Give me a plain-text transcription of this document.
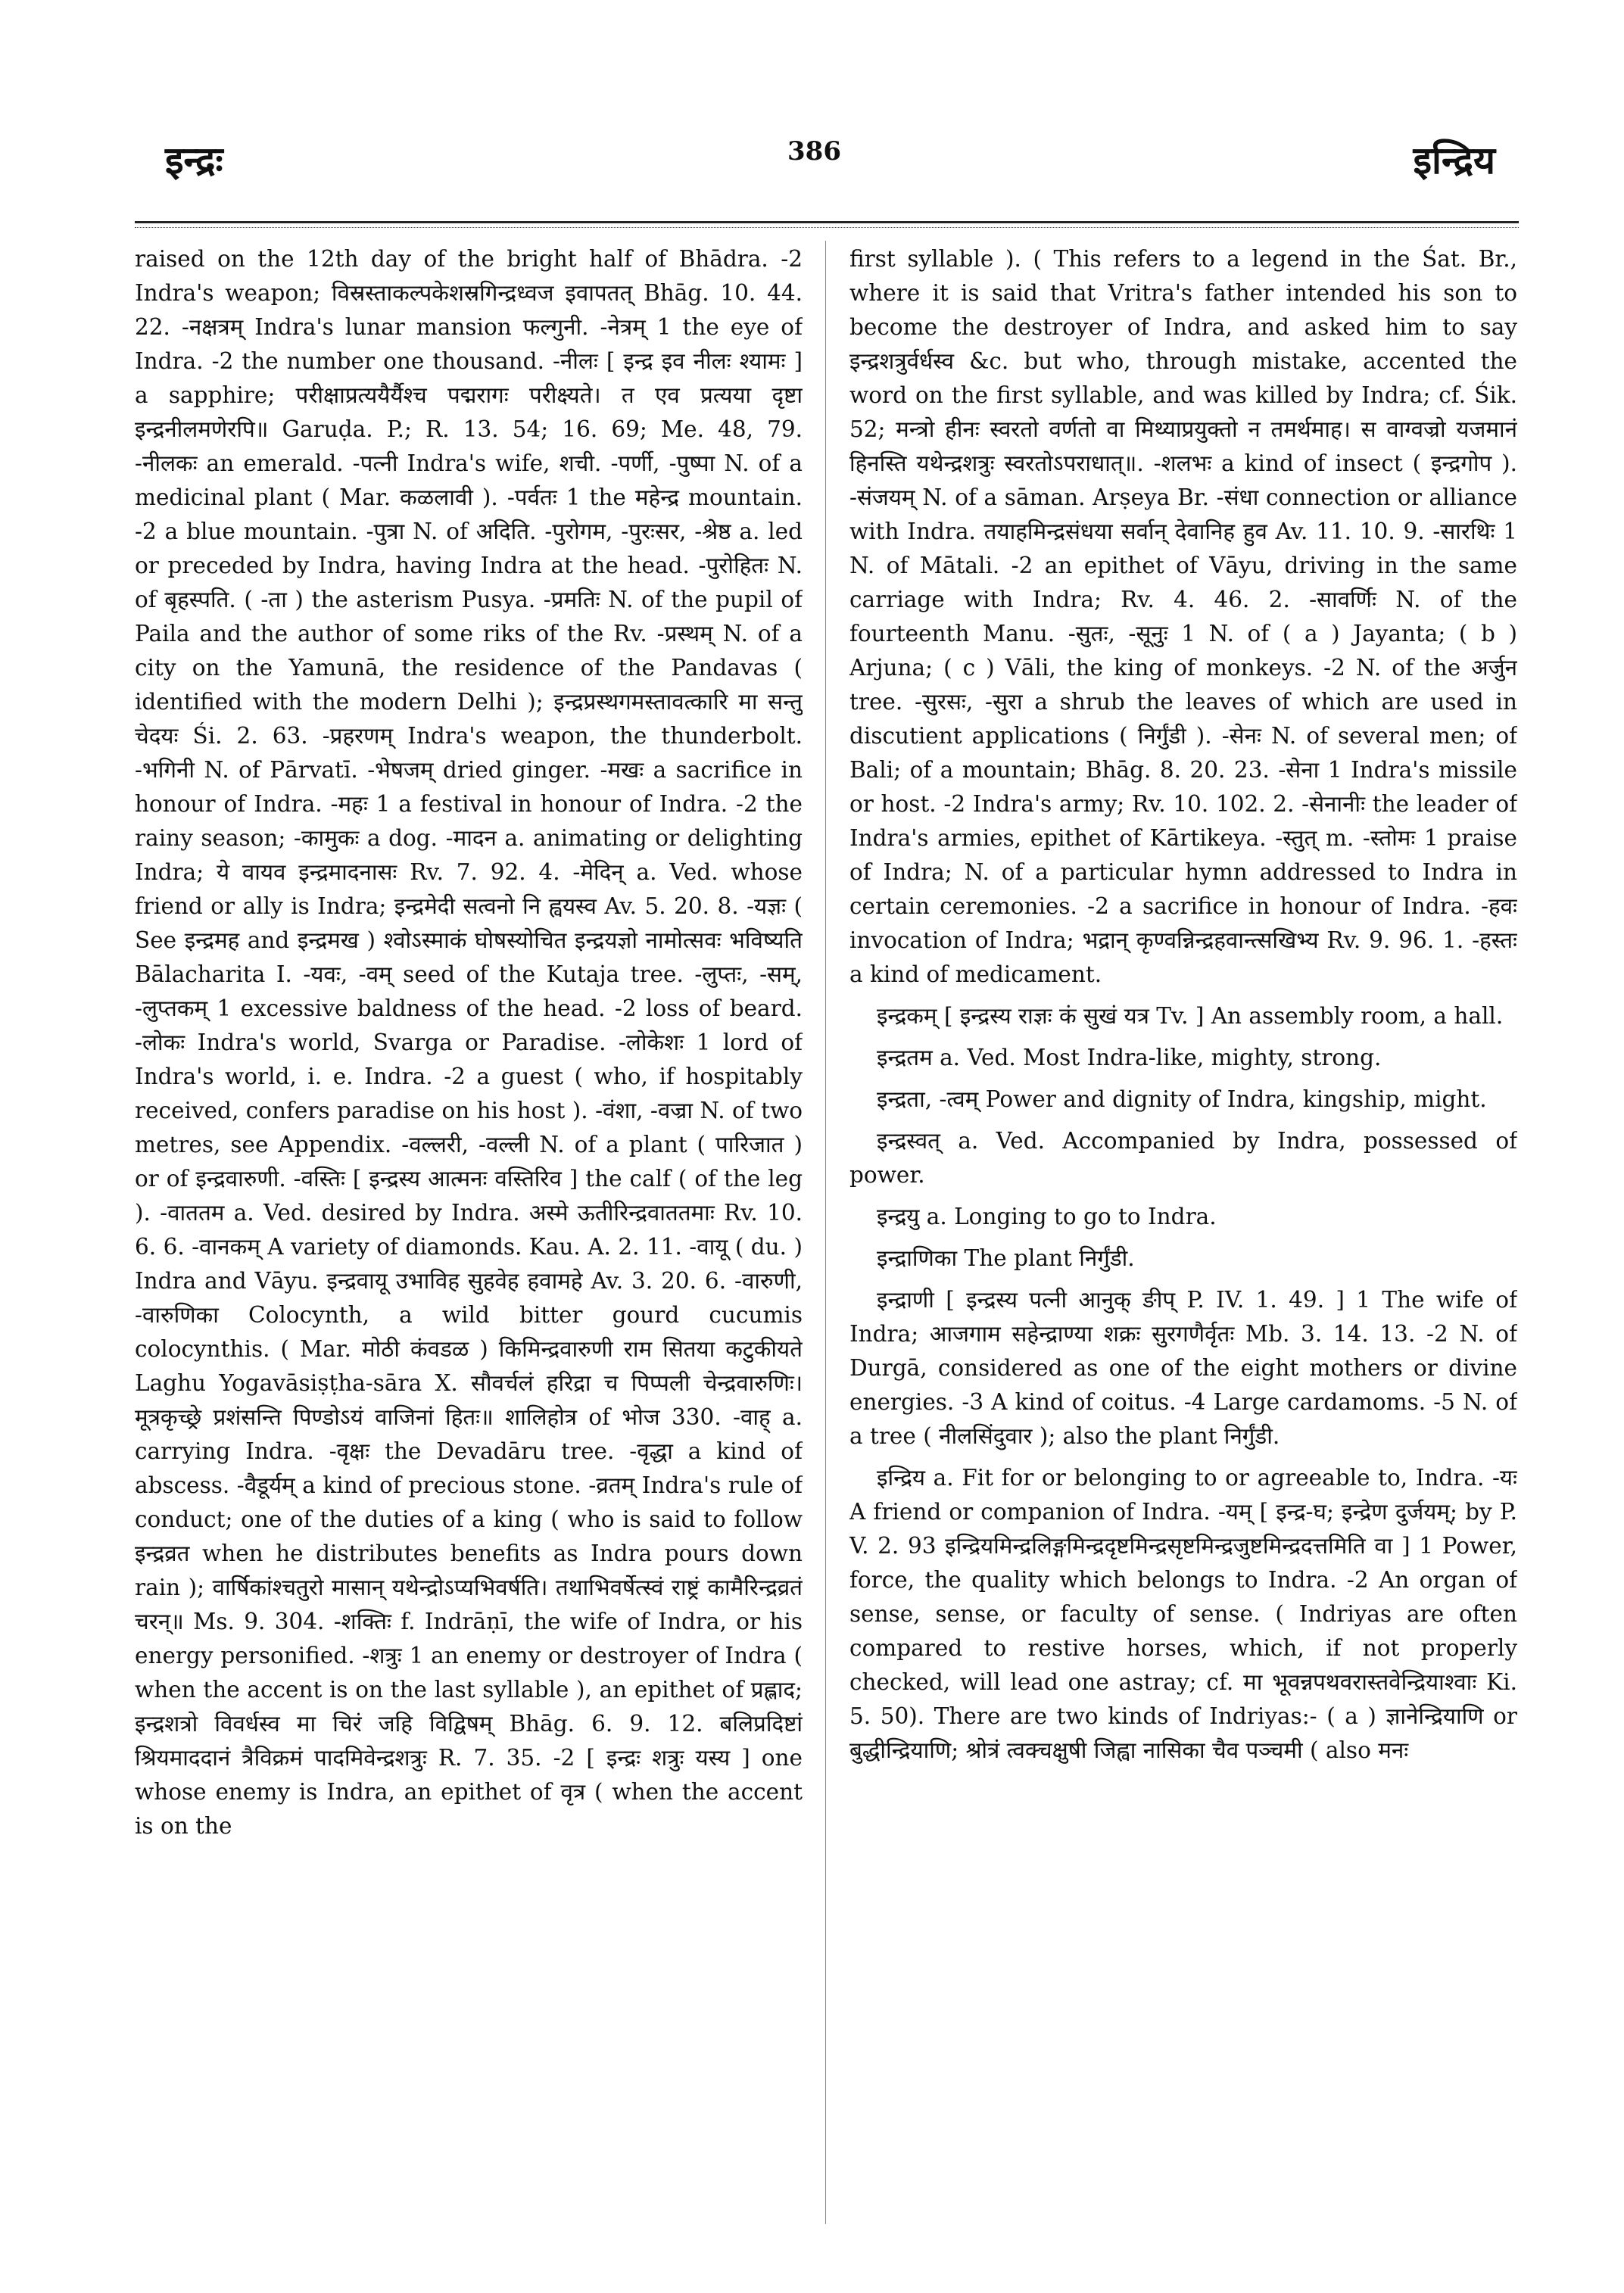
इन्द्रः	386	इन्द्रिय

raised on the 12th day of the bright half of Bhādra. -2 Indra's weapon; विस्रस्ताकल्पकेशस्रगिन्द्रध्वज इवापतत् Bhāg. 10. 44. 22. -नक्षत्रम् Indra's lunar mansion फल्गुनी. -नेत्रम् 1 the eye of Indra. -2 the number one thousand. -नीलः [ इन्द्र इव नीलः श्यामः ] a sapphire; परीक्षाप्रत्ययैर्यैश्च पद्मरागः परीक्ष्यते। त एव प्रत्यया दृष्टा इन्द्रनीलमणेरपि॥ Garuḍa. P.; R. 13. 54; 16. 69; Me. 48, 79. -नीलकः an emerald. -पत्नी Indra's wife, शची. -पर्णी, -पुष्पा N. of a medicinal plant ( Mar. कळलावी ). -पर्वतः 1 the महेन्द्र mountain. -2 a blue mountain. -पुत्रा N. of अदिति. -पुरोगम, -पुरःसर, -श्रेष्ठ a. led or preceded by Indra, having Indra at the head. -पुरोहितः N. of बृहस्पति. ( -ता ) the asterism Pusya. -प्रमतिः N. of the pupil of Paila and the author of some riks of the Rv. -प्रस्थम् N. of a city on the Yamunā, the residence of the Pandavas ( identified with the modern Delhi ); इन्द्रप्रस्थगमस्तावत्कारि मा सन्तु चेदयः Śi. 2. 63. -प्रहरणम् Indra's weapon, the thunderbolt. -भगिनी N. of Pārvatī. -भेषजम् dried ginger. -मखः a sacrifice in honour of Indra. -महः 1 a festival in honour of Indra. -2 the rainy season; -कामुकः a dog. -मादन a. animating or delighting Indra; ये वायव इन्द्रमादनासः Rv. 7. 92. 4. -मेदिन् a. Ved. whose friend or ally is Indra; इन्द्रमेदी सत्वनो नि ह्वयस्व Av. 5. 20. 8. -यज्ञः ( See इन्द्रमह and इन्द्रमख ) श्वोऽस्माकं घोषस्योचित इन्द्रयज्ञो नामोत्सवः भविष्यति Bālacharita I. -यवः, -वम् seed of the Kutaja tree. -लुप्तः, -सम्, -लुप्तकम् 1 excessive baldness of the head. -2 loss of beard. -लोकः Indra's world, Svarga or Paradise. -लोकेशः 1 lord of Indra's world, i. e. Indra. -2 a guest ( who, if hospitably received, confers paradise on his host ). -वंशा, -वज्रा N. of two metres, see Appendix. -वल्लरी, -वल्ली N. of a plant ( पारिजात ) or of इन्द्रवारुणी. -वस्तिः [ इन्द्रस्य आत्मनः वस्तिरिव ] the calf ( of the leg ). -वाततम a. Ved. desired by Indra. अस्मे ऊतीरिन्द्रवाततमाः Rv. 10. 6. 6. -वानकम् A variety of diamonds. Kau. A. 2. 11. -वायू ( du. ) Indra and Vāyu. इन्द्रवायू उभाविह सुहवेह हवामहे Av. 3. 20. 6. -वारुणी, -वारुणिका Colocynth, a wild bitter gourd cucumis colocynthis. ( Mar. मोठी कंवडळ ) किमिन्द्रवारुणी राम सितया कटुकीयते Laghu Yogavāsiṣṭha-sāra X. सौवर्चलं हरिद्रा च पिप्पली चेन्द्रवारुणिः। मूत्रकृच्छ्रे प्रशंसन्ति पिण्डोऽयं वाजिनां हितः॥ शालिहोत्र of भोज 330. -वाह् a. carrying Indra. -वृक्षः the Devadāru tree. -वृद्धा a kind of abscess. -वैडूर्यम् a kind of precious stone. -व्रतम् Indra's rule of conduct; one of the duties of a king ( who is said to follow इन्द्रव्रत when he distributes benefits as Indra pours down rain ); वार्षिकांश्चतुरो मासान् यथेन्द्रोऽप्यभिवर्षति। तथाभिवर्षेत्स्वं राष्ट्रं कामैरिन्द्रव्रतं चरन्॥ Ms. 9. 304. -शक्तिः f. Indrāṇī, the wife of Indra, or his energy personified. -शत्रुः 1 an enemy or destroyer of Indra ( when the accent is on the last syllable ), an epithet of प्रह्लाद; इन्द्रशत्रो विवर्धस्व मा चिरं जहि विद्विषम् Bhāg. 6. 9. 12. बलिप्रदिष्टां श्रियमाददानं त्रैविक्रमं पादमिवेन्द्रशत्रुः R. 7. 35. -2 [ इन्द्रः शत्रुः यस्य ] one whose enemy is Indra, an epithet of वृत्र ( when the accent is on the

first syllable ). ( This refers to a legend in the Śat. Br., where it is said that Vritra's father intended his son to become the destroyer of Indra, and asked him to say इन्द्रशत्रुर्वर्धस्व &c. but who, through mistake, accented the word on the first syllable, and was killed by Indra; cf. Śik. 52; मन्त्रो हीनः स्वरतो वर्णतो वा मिथ्याप्रयुक्तो न तमर्थमाह। स वाग्वज्रो यजमानं हिनस्ति यथेन्द्रशत्रुः स्वरतोऽपराधात्॥. -शलभः a kind of insect ( इन्द्रगोप ). -संजयम् N. of a sāman. Arṣeya Br. -संधा connection or alliance with Indra. तयाहमिन्द्रसंधया सर्वान् देवानिह हुव Av. 11. 10. 9. -सारथिः 1 N. of Mātali. -2 an epithet of Vāyu, driving in the same carriage with Indra; Rv. 4. 46. 2. -सावर्णिः N. of the fourteenth Manu. -सुतः, -सूनुः 1 N. of ( a ) Jayanta; ( b ) Arjuna; ( c ) Vāli, the king of monkeys. -2 N. of the अर्जुन tree. -सुरसः, -सुरा a shrub the leaves of which are used in discutient applications ( निर्गुंडी ). -सेनः N. of several men; of Bali; of a mountain; Bhāg. 8. 20. 23. -सेना 1 Indra's missile or host. -2 Indra's army; Rv. 10. 102. 2. -सेनानीः the leader of Indra's armies, epithet of Kārtikeya. -स्तुत् m. -स्तोमः 1 praise of Indra; N. of a particular hymn addressed to Indra in certain ceremonies. -2 a sacrifice in honour of Indra. -हवः invocation of Indra; भद्रान् कृण्वन्निन्द्रहवान्त्सखिभ्य Rv. 9. 96. 1. -हस्तः a kind of medicament.

इन्द्रकम् [ इन्द्रस्य राज्ञः कं सुखं यत्र Tv. ] An assembly room, a hall.

इन्द्रतम a. Ved. Most Indra-like, mighty, strong.

इन्द्रता, -त्वम् Power and dignity of Indra, kingship, might.

इन्द्रस्वत् a. Ved. Accompanied by Indra, possessed of power.

इन्द्रयु a. Longing to go to Indra.

इन्द्राणिका The plant निर्गुंडी.

इन्द्राणी [ इन्द्रस्य पत्नी आनुक् ङीप् P. IV. 1. 49. ] 1 The wife of Indra; आजगाम सहेन्द्राण्या शक्रः सुरगणैर्वृतः Mb. 3. 14. 13. -2 N. of Durgā, considered as one of the eight mothers or divine energies. -3 A kind of coitus. -4 Large cardamoms. -5 N. of a tree ( नीलसिंदुवार ); also the plant निर्गुंडी.

इन्द्रिय a. Fit for or belonging to or agreeable to, Indra. -यः A friend or companion of Indra. -यम् [ इन्द्र-घ; इन्द्रेण दुर्जयम्; by P. V. 2. 93 इन्द्रियमिन्द्रलिङ्गमिन्द्रदृष्टमिन्द्रसृष्टमिन्द्रजुष्टमिन्द्रदत्तमिति वा ] 1 Power, force, the quality which belongs to Indra. -2 An organ of sense, sense, or faculty of sense. ( Indriyas are often compared to restive horses, which, if not properly checked, will lead one astray; cf. मा भूवन्नपथवरास्तवेन्द्रियाश्वाः Ki. 5. 50). There are two kinds of Indriyas:- ( a ) ज्ञानेन्द्रियाणि or बुद्धीन्द्रियाणि; श्रोत्रं त्वक्चक्षुषी जिह्वा नासिका चैव पञ्चमी ( also मनः
